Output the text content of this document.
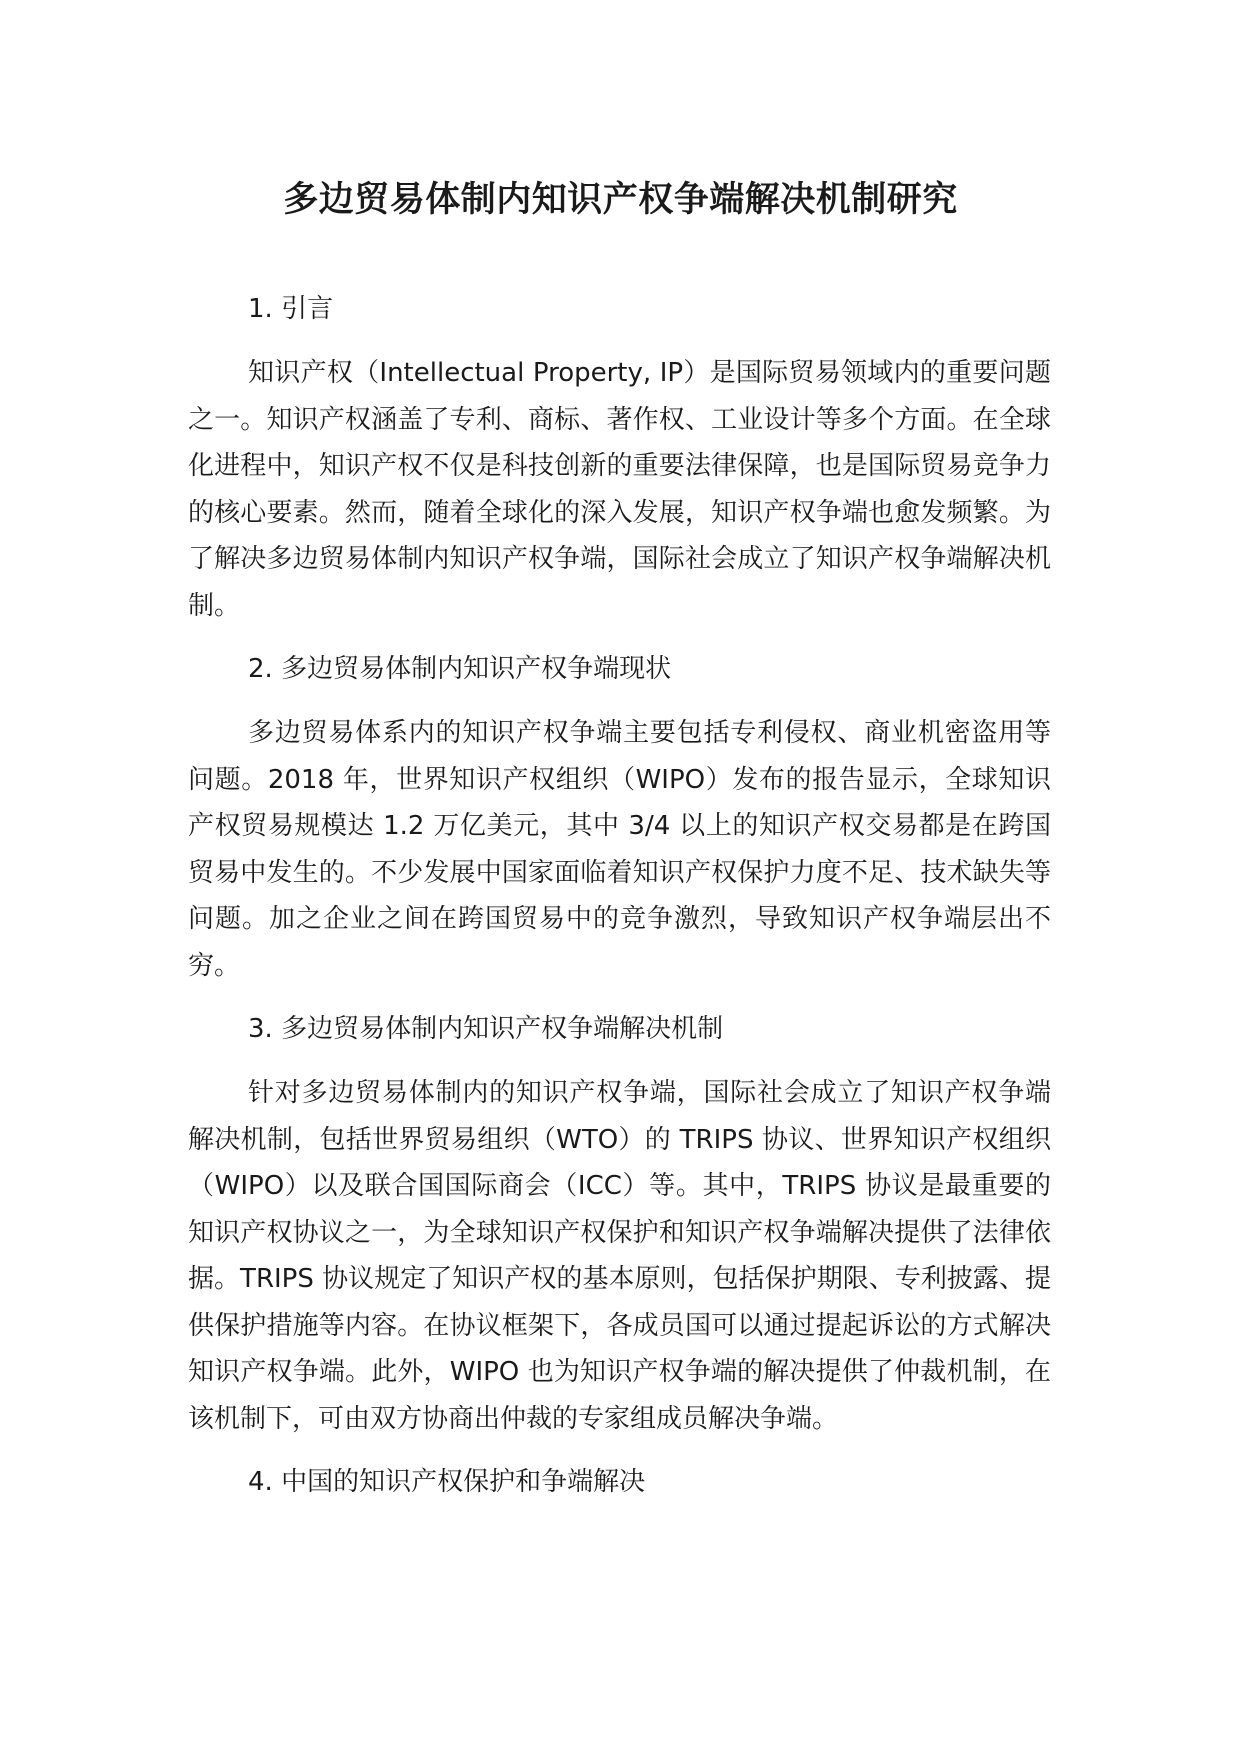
多边贸易体制内知识产权争端解决机制研究
1. 引言

知识产权（Intellectual Property, IP）是国际贸易领域内的重要问题之一。知识产权涵盖了专利、商标、著作权、工业设计等多个方面。在全球化进程中，知识产权不仅是科技创新的重要法律保障，也是国际贸易竞争力的核心要素。然而，随着全球化的深入发展，知识产权争端也愈发频繁。为了解决多边贸易体制内知识产权争端，国际社会成立了知识产权争端解决机制。

2. 多边贸易体制内知识产权争端现状

多边贸易体系内的知识产权争端主要包括专利侵权、商业机密盗用等问题。2018 年，世界知识产权组织（WIPO）发布的报告显示，全球知识产权贸易规模达 1.2 万亿美元，其中 3/4 以上的知识产权交易都是在跨国贸易中发生的。不少发展中国家面临着知识产权保护力度不足、技术缺失等问题。加之企业之间在跨国贸易中的竞争激烈，导致知识产权争端层出不穷。

3. 多边贸易体制内知识产权争端解决机制

针对多边贸易体制内的知识产权争端，国际社会成立了知识产权争端解决机制，包括世界贸易组织（WTO）的 TRIPS 协议、世界知识产权组织（WIPO）以及联合国国际商会（ICC）等。其中，TRIPS 协议是最重要的知识产权协议之一，为全球知识产权保护和知识产权争端解决提供了法律依据。TRIPS 协议规定了知识产权的基本原则，包括保护期限、专利披露、提供保护措施等内容。在协议框架下，各成员国可以通过提起诉讼的方式解决知识产权争端。此外，WIPO 也为知识产权争端的解决提供了仲裁机制，在该机制下，可由双方协商出仲裁的专家组成员解决争端。

4. 中国的知识产权保护和争端解决
